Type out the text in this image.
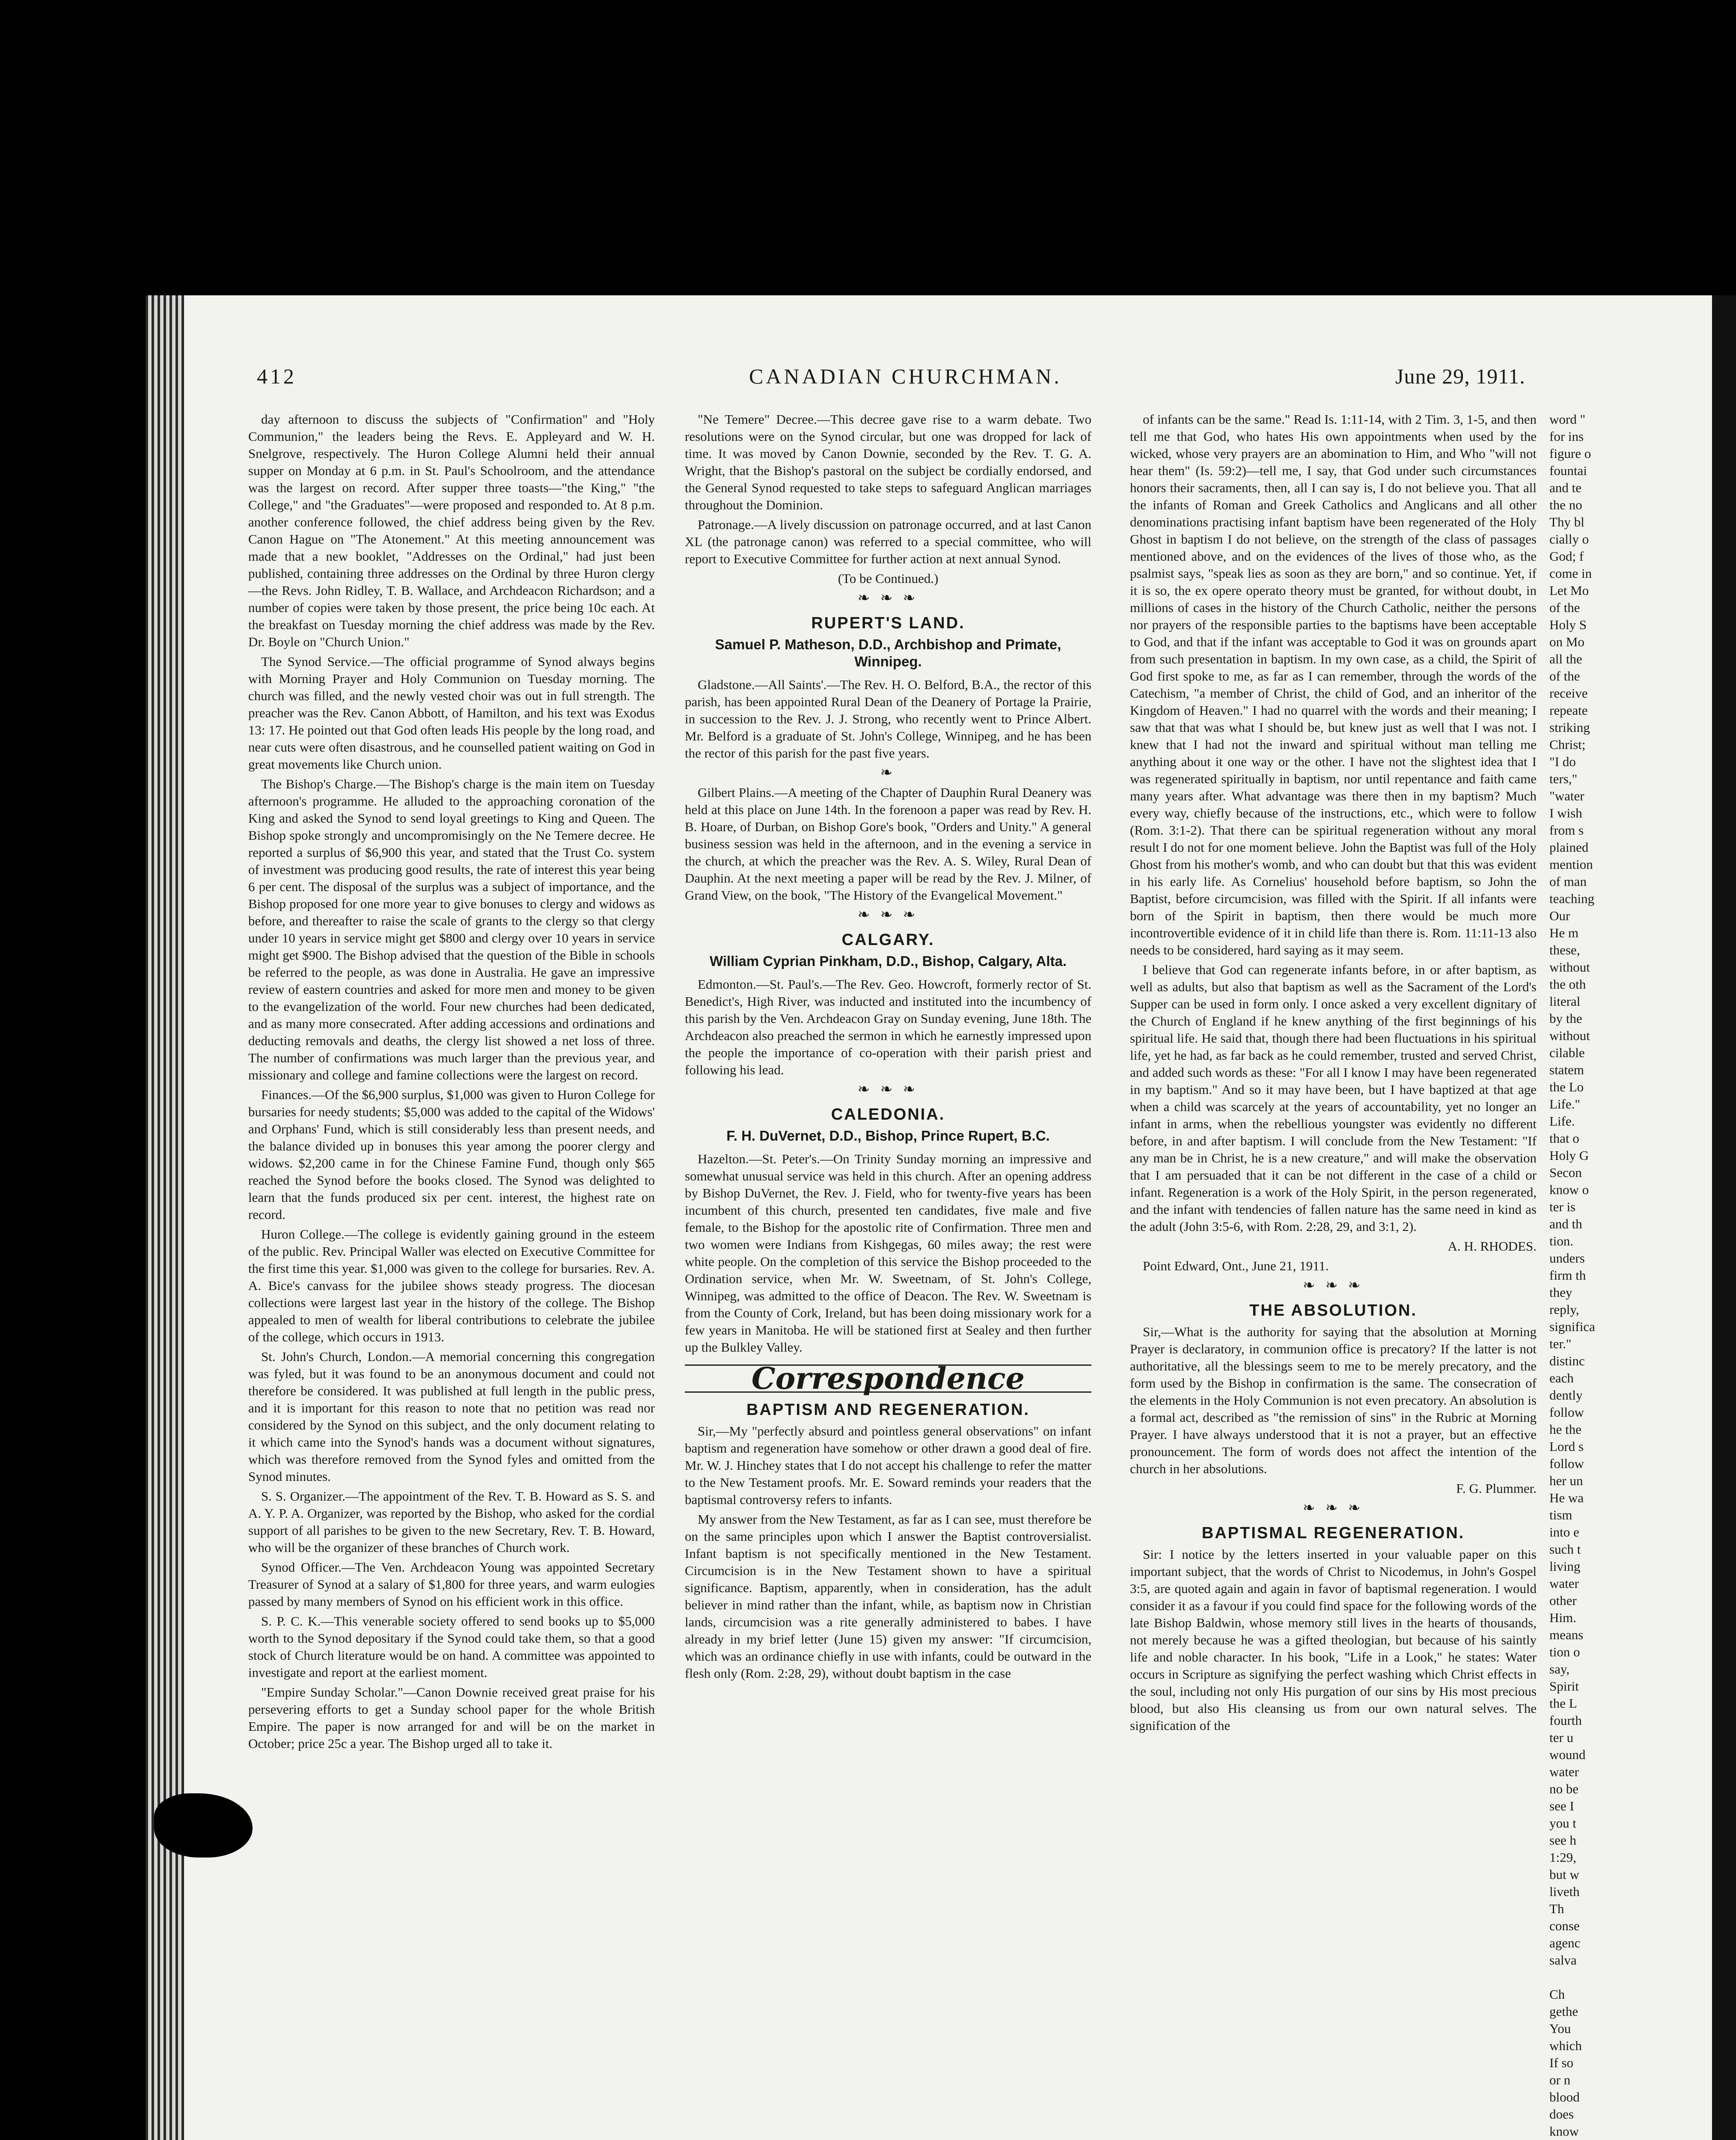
412	CANADIAN CHURCHMAN.	June 29, 1911.

day afternoon to discuss the subjects of "Confirmation" and "Holy Communion," the leaders being the Revs. E. Appleyard and W. H. Snelgrove, respectively. The Huron College Alumni held their annual supper on Monday at 6 p.m. in St. Paul's Schoolroom, and the attendance was the largest on record. After supper three toasts—"the King," "the College," and "the Graduates"—were proposed and responded to. At 8 p.m. another conference followed, the chief address being given by the Rev. Canon Hague on "The Atonement." At this meeting announcement was made that a new booklet, "Addresses on the Ordinal," had just been published, containing three addresses on the Ordinal by three Huron clergy—the Revs. John Ridley, T. B. Wallace, and Archdeacon Richardson; and a number of copies were taken by those present, the price being 10c each. At the breakfast on Tuesday morning the chief address was made by the Rev. Dr. Boyle on "Church Union."

The Synod Service.—The official programme of Synod always begins with Morning Prayer and Holy Communion on Tuesday morning. The church was filled, and the newly vested choir was out in full strength. The preacher was the Rev. Canon Abbott, of Hamilton, and his text was Exodus 13: 17. He pointed out that God often leads His people by the long road, and near cuts were often disastrous, and he counselled patient waiting on God in great movements like Church union.

The Bishop's Charge.—The Bishop's charge is the main item on Tuesday afternoon's programme. He alluded to the approaching coronation of the King and asked the Synod to send loyal greetings to King and Queen. The Bishop spoke strongly and uncompromisingly on the Ne Temere decree. He reported a surplus of $6,900 this year, and stated that the Trust Co. system of investment was producing good results, the rate of interest this year being 6 per cent. The disposal of the surplus was a subject of importance, and the Bishop proposed for one more year to give bonuses to clergy and widows as before, and thereafter to raise the scale of grants to the clergy so that clergy under 10 years in service might get $800 and clergy over 10 years in service might get $900. The Bishop advised that the question of the Bible in schools be referred to the people, as was done in Australia. He gave an impressive review of eastern countries and asked for more men and money to be given to the evangelization of the world. Four new churches had been dedicated, and as many more consecrated. After adding accessions and ordinations and deducting removals and deaths, the clergy list showed a net loss of three. The number of confirmations was much larger than the previous year, and missionary and college and famine collections were the largest on record.

Finances.—Of the $6,900 surplus, $1,000 was given to Huron College for bursaries for needy students; $5,000 was added to the capital of the Widows' and Orphans' Fund, which is still considerably less than present needs, and the balance divided up in bonuses this year among the poorer clergy and widows. $2,200 came in for the Chinese Famine Fund, though only $65 reached the Synod before the books closed. The Synod was delighted to learn that the funds produced six per cent. interest, the highest rate on record.

Huron College.—The college is evidently gaining ground in the esteem of the public. Rev. Principal Waller was elected on Executive Committee for the first time this year. $1,000 was given to the college for bursaries. Rev. A. A. Bice's canvass for the jubilee shows steady progress. The diocesan collections were largest last year in the history of the college. The Bishop appealed to men of wealth for liberal contributions to celebrate the jubilee of the college, which occurs in 1913.

St. John's Church, London.—A memorial concerning this congregation was fyled, but it was found to be an anonymous document and could not therefore be considered. It was published at full length in the public press, and it is important for this reason to note that no petition was read nor considered by the Synod on this subject, and the only document relating to it which came into the Synod's hands was a document without signatures, which was therefore removed from the Synod fyles and omitted from the Synod minutes.

S. S. Organizer.—The appointment of the Rev. T. B. Howard as S. S. and A. Y. P. A. Organizer, was reported by the Bishop, who asked for the cordial support of all parishes to be given to the new Secretary, Rev. T. B. Howard, who will be the organizer of these branches of Church work.

Synod Officer.—The Ven. Archdeacon Young was appointed Secretary Treasurer of Synod at a salary of $1,800 for three years, and warm eulogies passed by many members of Synod on his efficient work in this office.

S. P. C. K.—This venerable society offered to send books up to $5,000 worth to the Synod depositary if the Synod could take them, so that a good stock of Church literature would be on hand. A committee was appointed to investigate and report at the earliest moment.

"Empire Sunday Scholar."—Canon Downie received great praise for his persevering efforts to get a Sunday school paper for the whole British Empire. The paper is now arranged for and will be on the market in October; price 25c a year. The Bishop urged all to take it.

"Ne Temere" Decree.—This decree gave rise to a warm debate. Two resolutions were on the Synod circular, but one was dropped for lack of time. It was moved by Canon Downie, seconded by the Rev. T. G. A. Wright, that the Bishop's pastoral on the subject be cordially endorsed, and the General Synod requested to take steps to safeguard Anglican marriages throughout the Dominion.

Patronage.—A lively discussion on patronage occurred, and at last Canon XL (the patronage canon) was referred to a special committee, who will report to Executive Committee for further action at next annual Synod.

(To be Continued.)

❧ ❧ ❧
RUPERT'S LAND.
Samuel P. Matheson, D.D., Archbishop and Primate, Winnipeg.

Gladstone.—All Saints'.—The Rev. H. O. Belford, B.A., the rector of this parish, has been appointed Rural Dean of the Deanery of Portage la Prairie, in succession to the Rev. J. J. Strong, who recently went to Prince Albert. Mr. Belford is a graduate of St. John's College, Winnipeg, and he has been the rector of this parish for the past five years.

❧

Gilbert Plains.—A meeting of the Chapter of Dauphin Rural Deanery was held at this place on June 14th. In the forenoon a paper was read by Rev. H. B. Hoare, of Durban, on Bishop Gore's book, "Orders and Unity." A general business session was held in the afternoon, and in the evening a service in the church, at which the preacher was the Rev. A. S. Wiley, Rural Dean of Dauphin. At the next meeting a paper will be read by the Rev. J. Milner, of Grand View, on the book, "The History of the Evangelical Movement."

❧ ❧ ❧
CALGARY.
William Cyprian Pinkham, D.D., Bishop, Calgary, Alta.

Edmonton.—St. Paul's.—The Rev. Geo. Howcroft, formerly rector of St. Benedict's, High River, was inducted and instituted into the incumbency of this parish by the Ven. Archdeacon Gray on Sunday evening, June 18th. The Archdeacon also preached the sermon in which he earnestly impressed upon the people the importance of co-operation with their parish priest and following his lead.

❧ ❧ ❧
CALEDONIA.
F. H. DuVernet, D.D., Bishop, Prince Rupert, B.C.

Hazelton.—St. Peter's.—On Trinity Sunday morning an impressive and somewhat unusual service was held in this church. After an opening address by Bishop DuVernet, the Rev. J. Field, who for twenty-five years has been incumbent of this church, presented ten candidates, five male and five female, to the Bishop for the apostolic rite of Confirmation. Three men and two women were Indians from Kishgegas, 60 miles away; the rest were white people. On the completion of this service the Bishop proceeded to the Ordination service, when Mr. W. Sweetnam, of St. John's College, Winnipeg, was admitted to the office of Deacon. The Rev. W. Sweetnam is from the County of Cork, Ireland, but has been doing missionary work for a few years in Manitoba. He will be stationed first at Sealey and then further up the Bulkley Valley.

Correspondence
BAPTISM AND REGENERATION.

Sir,—My "perfectly absurd and pointless general observations" on infant baptism and regeneration have somehow or other drawn a good deal of fire. Mr. W. J. Hinchey states that I do not accept his challenge to refer the matter to the New Testament proofs. Mr. E. Soward reminds your readers that the baptismal controversy refers to infants.

My answer from the New Testament, as far as I can see, must therefore be on the same principles upon which I answer the Baptist controversialist. Infant baptism is not specifically mentioned in the New Testament. Circumcision is in the New Testament shown to have a spiritual significance. Baptism, apparently, when in consideration, has the adult believer in mind rather than the infant, while, as baptism now in Christian lands, circumcision was a rite generally administered to babes. I have already in my brief letter (June 15) given my answer: "If circumcision, which was an ordinance chiefly in use with infants, could be outward in the flesh only (Rom. 2:28, 29), without doubt baptism in the case

of infants can be the same." Read Is. 1:11-14, with 2 Tim. 3, 1-5, and then tell me that God, who hates His own appointments when used by the wicked, whose very prayers are an abomination to Him, and Who "will not hear them" (Is. 59:2)—tell me, I say, that God under such circumstances honors their sacraments, then, all I can say is, I do not believe you. That all the infants of Roman and Greek Catholics and Anglicans and all other denominations practising infant baptism have been regenerated of the Holy Ghost in baptism I do not believe, on the strength of the class of passages mentioned above, and on the evidences of the lives of those who, as the psalmist says, "speak lies as soon as they are born," and so continue. Yet, if it is so, the ex opere operato theory must be granted, for without doubt, in millions of cases in the history of the Church Catholic, neither the persons nor prayers of the responsible parties to the baptisms have been acceptable to God, and that if the infant was acceptable to God it was on grounds apart from such presentation in baptism. In my own case, as a child, the Spirit of God first spoke to me, as far as I can remember, through the words of the Catechism, "a member of Christ, the child of God, and an inheritor of the Kingdom of Heaven." I had no quarrel with the words and their meaning; I saw that that was what I should be, but knew just as well that I was not. I knew that I had not the inward and spiritual without man telling me anything about it one way or the other. I have not the slightest idea that I was regenerated spiritually in baptism, nor until repentance and faith came many years after. What advantage was there then in my baptism? Much every way, chiefly because of the instructions, etc., which were to follow (Rom. 3:1-2). That there can be spiritual regeneration without any moral result I do not for one moment believe. John the Baptist was full of the Holy Ghost from his mother's womb, and who can doubt but that this was evident in his early life. As Cornelius' household before baptism, so John the Baptist, before circumcision, was filled with the Spirit. If all infants were born of the Spirit in baptism, then there would be much more incontrovertible evidence of it in child life than there is. Rom. 11:11-13 also needs to be considered, hard saying as it may seem.

I believe that God can regenerate infants before, in or after baptism, as well as adults, but also that baptism as well as the Sacrament of the Lord's Supper can be used in form only. I once asked a very excellent dignitary of the Church of England if he knew anything of the first beginnings of his spiritual life. He said that, though there had been fluctuations in his spiritual life, yet he had, as far back as he could remember, trusted and served Christ, and added such words as these: "For all I know I may have been regenerated in my baptism." And so it may have been, but I have baptized at that age when a child was scarcely at the years of accountability, yet no longer an infant in arms, when the rebellious youngster was evidently no different before, in and after baptism. I will conclude from the New Testament: "If any man be in Christ, he is a new creature," and will make the observation that I am persuaded that it can be not different in the case of a child or infant. Regeneration is a work of the Holy Spirit, in the person regenerated, and the infant with tendencies of fallen nature has the same need in kind as the adult (John 3:5-6, with Rom. 2:28, 29, and 3:1, 2).

A. H. RHODES.

Point Edward, Ont., June 21, 1911.

❧ ❧ ❧
THE ABSOLUTION.

Sir,—What is the authority for saying that the absolution at Morning Prayer is declaratory, in communion office is precatory? If the latter is not authoritative, all the blessings seem to me to be merely precatory, and the form used by the Bishop in confirmation is the same. The consecration of the elements in the Holy Communion is not even precatory. An absolution is a formal act, described as "the remission of sins" in the Rubric at Morning Prayer. I have always understood that it is not a prayer, but an effective pronouncement. The form of words does not affect the intention of the church in her absolutions.

F. G. Plummer.

❧ ❧ ❧
BAPTISMAL REGENERATION.

Sir: I notice by the letters inserted in your valuable paper on this important subject, that the words of Christ to Nicodemus, in John's Gospel 3:5, are quoted again and again in favor of baptismal regeneration. I would consider it as a favour if you could find space for the following words of the late Bishop Baldwin, whose memory still lives in the hearts of thousands, not merely because he was a gifted theologian, but because of his saintly life and noble character. In his book, "Life in a Look," he states: Water occurs in Scripture as signifying the perfect washing which Christ effects in the soul, including not only His purgation of our sins by His most precious blood, but also His cleansing us from our own natural selves. The signification of the

word "
for ins
figure o
fountai
and te
the no
Thy bl
cially o
God; f
come in
Let Mo
of the
Holy S
on Mo
all the
of the
receive
repeate
striking
Christ;
"I do
ters,"
"water
I wish
from s
plained
mention
of man
teaching
Our
He m
these,
without
the oth
literal
by the
without
cilable
statem
the Lo
Life."
Life.
that o
Holy G
Secon
know o
ter is
and th
tion.
unders
firm th
they
reply,
significa
ter."
distinc
each
dently
follow
he the
Lord s
follow
her un
He wa
tism
into e
such t
living
water
other
Him.
means
tion o
say,
Spirit
the L
fourth
ter u
wound
water
no be
see I
you t
see h
1:29,
but w
liveth
Th
conse
agenc
salva

Ch
gethe
You
which
If so
or n
blood
does
know
